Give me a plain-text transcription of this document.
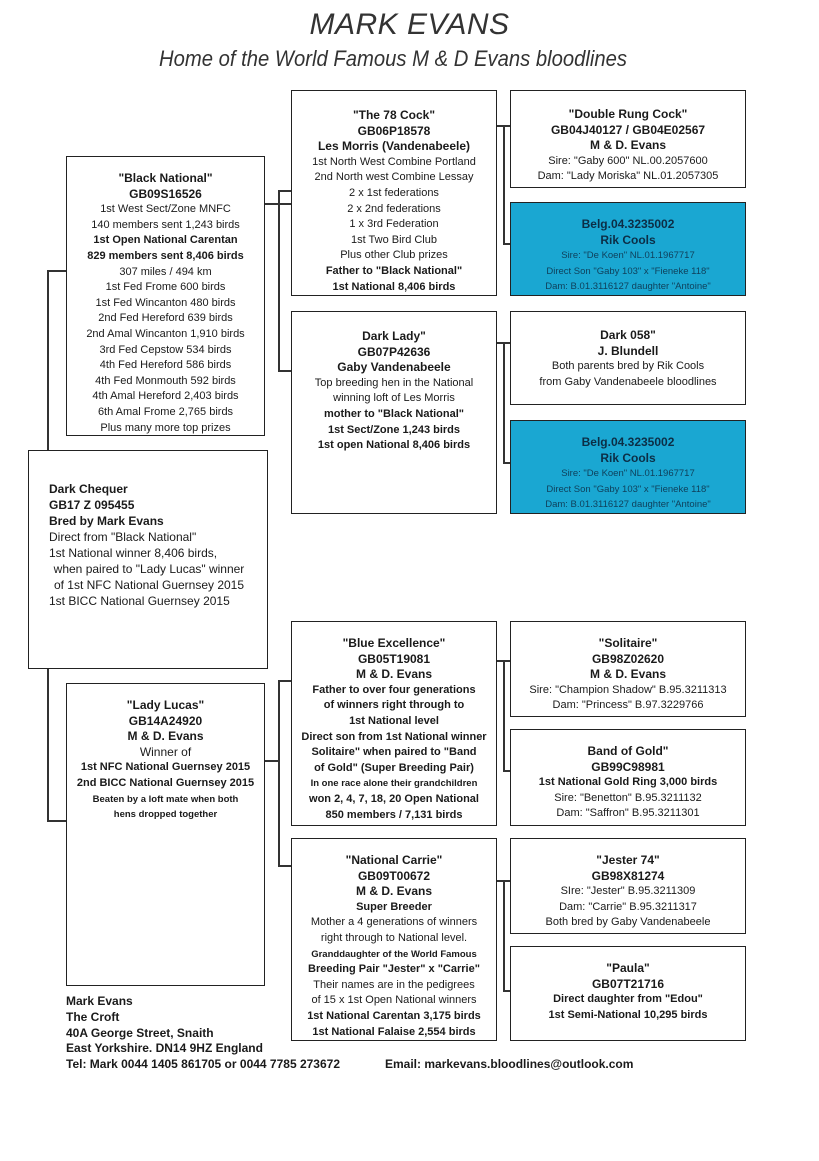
MARK EVANS
Home of the World Famous M & D Evans bloodlines
"Black National"
GB09S16526
1st West Sect/Zone MNFC
140 members sent 1,243 birds
1st Open National Carentan
829 members sent 8,406 birds
307 miles / 494 km
1st Fed Frome 600 birds
1st Fed Wincanton 480 birds
2nd Fed Hereford 639 birds
2nd Amal Wincanton 1,910 birds
3rd Fed Cepstow 534 birds
4th Fed Hereford 586 birds
4th Fed Monmouth 592 birds
4th Amal Hereford 2,403 birds
6th Amal Frome 2,765 birds
Plus many more top prizes
"The 78 Cock"
GB06P18578
Les Morris (Vandenabeele)
1st North West Combine Portland
2nd North west Combine Lessay
2 x 1st federations
2 x 2nd federations
1 x 3rd Federation
1st Two Bird Club
Plus other Club prizes
Father to "Black National"
1st National 8,406 birds
"Double Rung Cock"
GB04J40127 / GB04E02567
M & D. Evans
Sire: "Gaby 600" NL.00.2057600
Dam: "Lady Moriska" NL.01.2057305
Belg.04.3235002
Rik Cools
Sire: "De Koen" NL.01.1967717
Direct Son "Gaby 103" x "Fieneke 118"
Dam: B.01.3116127 daughter "Antoine"
Dark Lady"
GB07P42636
Gaby Vandenabeele
Top breeding hen in the National
winning loft of Les Morris
mother to "Black National"
1st Sect/Zone 1,243 birds
1st open National 8,406 birds
Dark 058"
J. Blundell
Both parents bred by Rik Cools
from Gaby Vandenabeele bloodlines
Belg.04.3235002
Rik Cools
Sire: "De Koen" NL.01.1967717
Direct Son "Gaby 103" x "Fieneke 118"
Dam: B.01.3116127 daughter "Antoine"
Dark Chequer
GB17 Z 095455
Bred by Mark Evans
Direct from "Black National"
1st National winner 8,406 birds,
when paired to "Lady Lucas" winner
of 1st NFC National Guernsey 2015
1st BICC National Guernsey 2015
"Blue Excellence"
GB05T19081
M & D. Evans
Father to over four generations
of winners right through to
1st National level
Direct son from 1st National winner
Solitaire" when paired to "Band
of Gold" (Super Breeding Pair)
In one race alone their grandchildren
won 2, 4, 7, 18, 20 Open National
850 members / 7,131 birds
"Solitaire"
GB98Z02620
M & D. Evans
Sire: "Champion Shadow" B.95.3211313
Dam: "Princess" B.97.3229766
Band of Gold"
GB99C98981
1st National Gold Ring 3,000 birds
Sire: "Benetton" B.95.3211132
Dam: "Saffron" B.95.3211301
"Lady Lucas"
GB14A24920
M & D. Evans
Winner of
1st NFC National Guernsey 2015
2nd BICC National Guernsey 2015
Beaten by a loft mate when both
hens dropped together
"National Carrie"
GB09T00672
M & D. Evans
Super Breeder
Mother a 4 generations of winners
right through to National level.
Granddaughter of the World Famous
Breeding Pair "Jester" x "Carrie"
Their names are in the pedigrees
of 15 x 1st Open National winners
1st National Carentan 3,175 birds
1st National Falaise 2,554 birds
"Jester 74"
GB98X81274
SIre: "Jester" B.95.3211309
Dam: "Carrie" B.95.3211317
Both bred by Gaby Vandenabeele
"Paula"
GB07T21716
Direct daughter from "Edou"
1st Semi-National 10,295 birds
Mark Evans
The Croft
40A George Street, Snaith
East Yorkshire. DN14 9HZ England
Tel: Mark 0044 1405 861705 or 0044 7785 273672	Email: markevans.bloodlines@outlook.com
